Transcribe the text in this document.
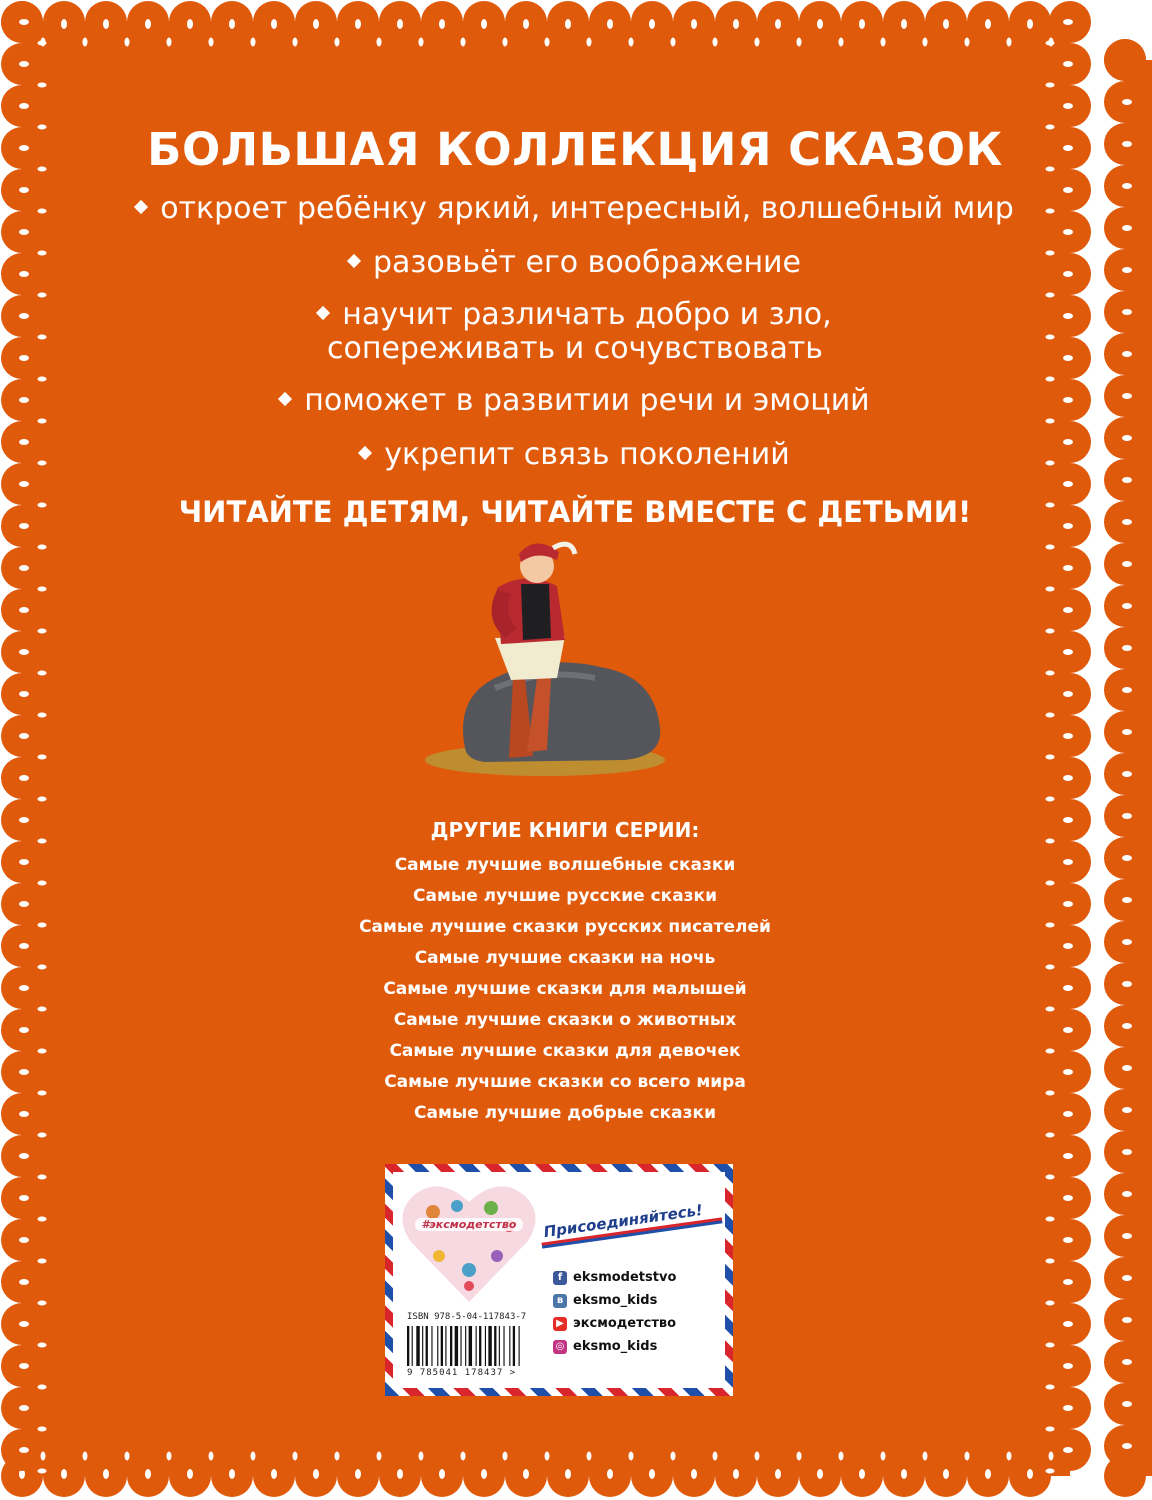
БОЛЬШАЯ КОЛЛЕКЦИЯ СКАЗОК
откроет ребёнку яркий, интересный, волшебный мир
разовьёт его воображение
научит различать добро и зло,
сопереживать и сочувствовать
поможет в развитии речи и эмоций
укрепит связь поколений

ЧИТАЙТЕ ДЕТЯМ, ЧИТАЙТЕ ВМЕСТЕ С ДЕТЬМИ!

ДРУГИЕ КНИГИ СЕРИИ:
Самые лучшие волшебные сказки
Самые лучшие русские сказки
Самые лучшие сказки русских писателей
Самые лучшие сказки на ночь
Самые лучшие сказки для малышей
Самые лучшие сказки о животных
Самые лучшие сказки для девочек
Самые лучшие сказки со всего мира
Самые лучшие добрые сказки
#эксмодетство	Присоединяйтесь!
ISBN 978-5-04-117843-7
9 785041 178437 >
f eksmodetstvo
в eksmo_kids
▶ эксмодетство
◎ eksmo_kids
